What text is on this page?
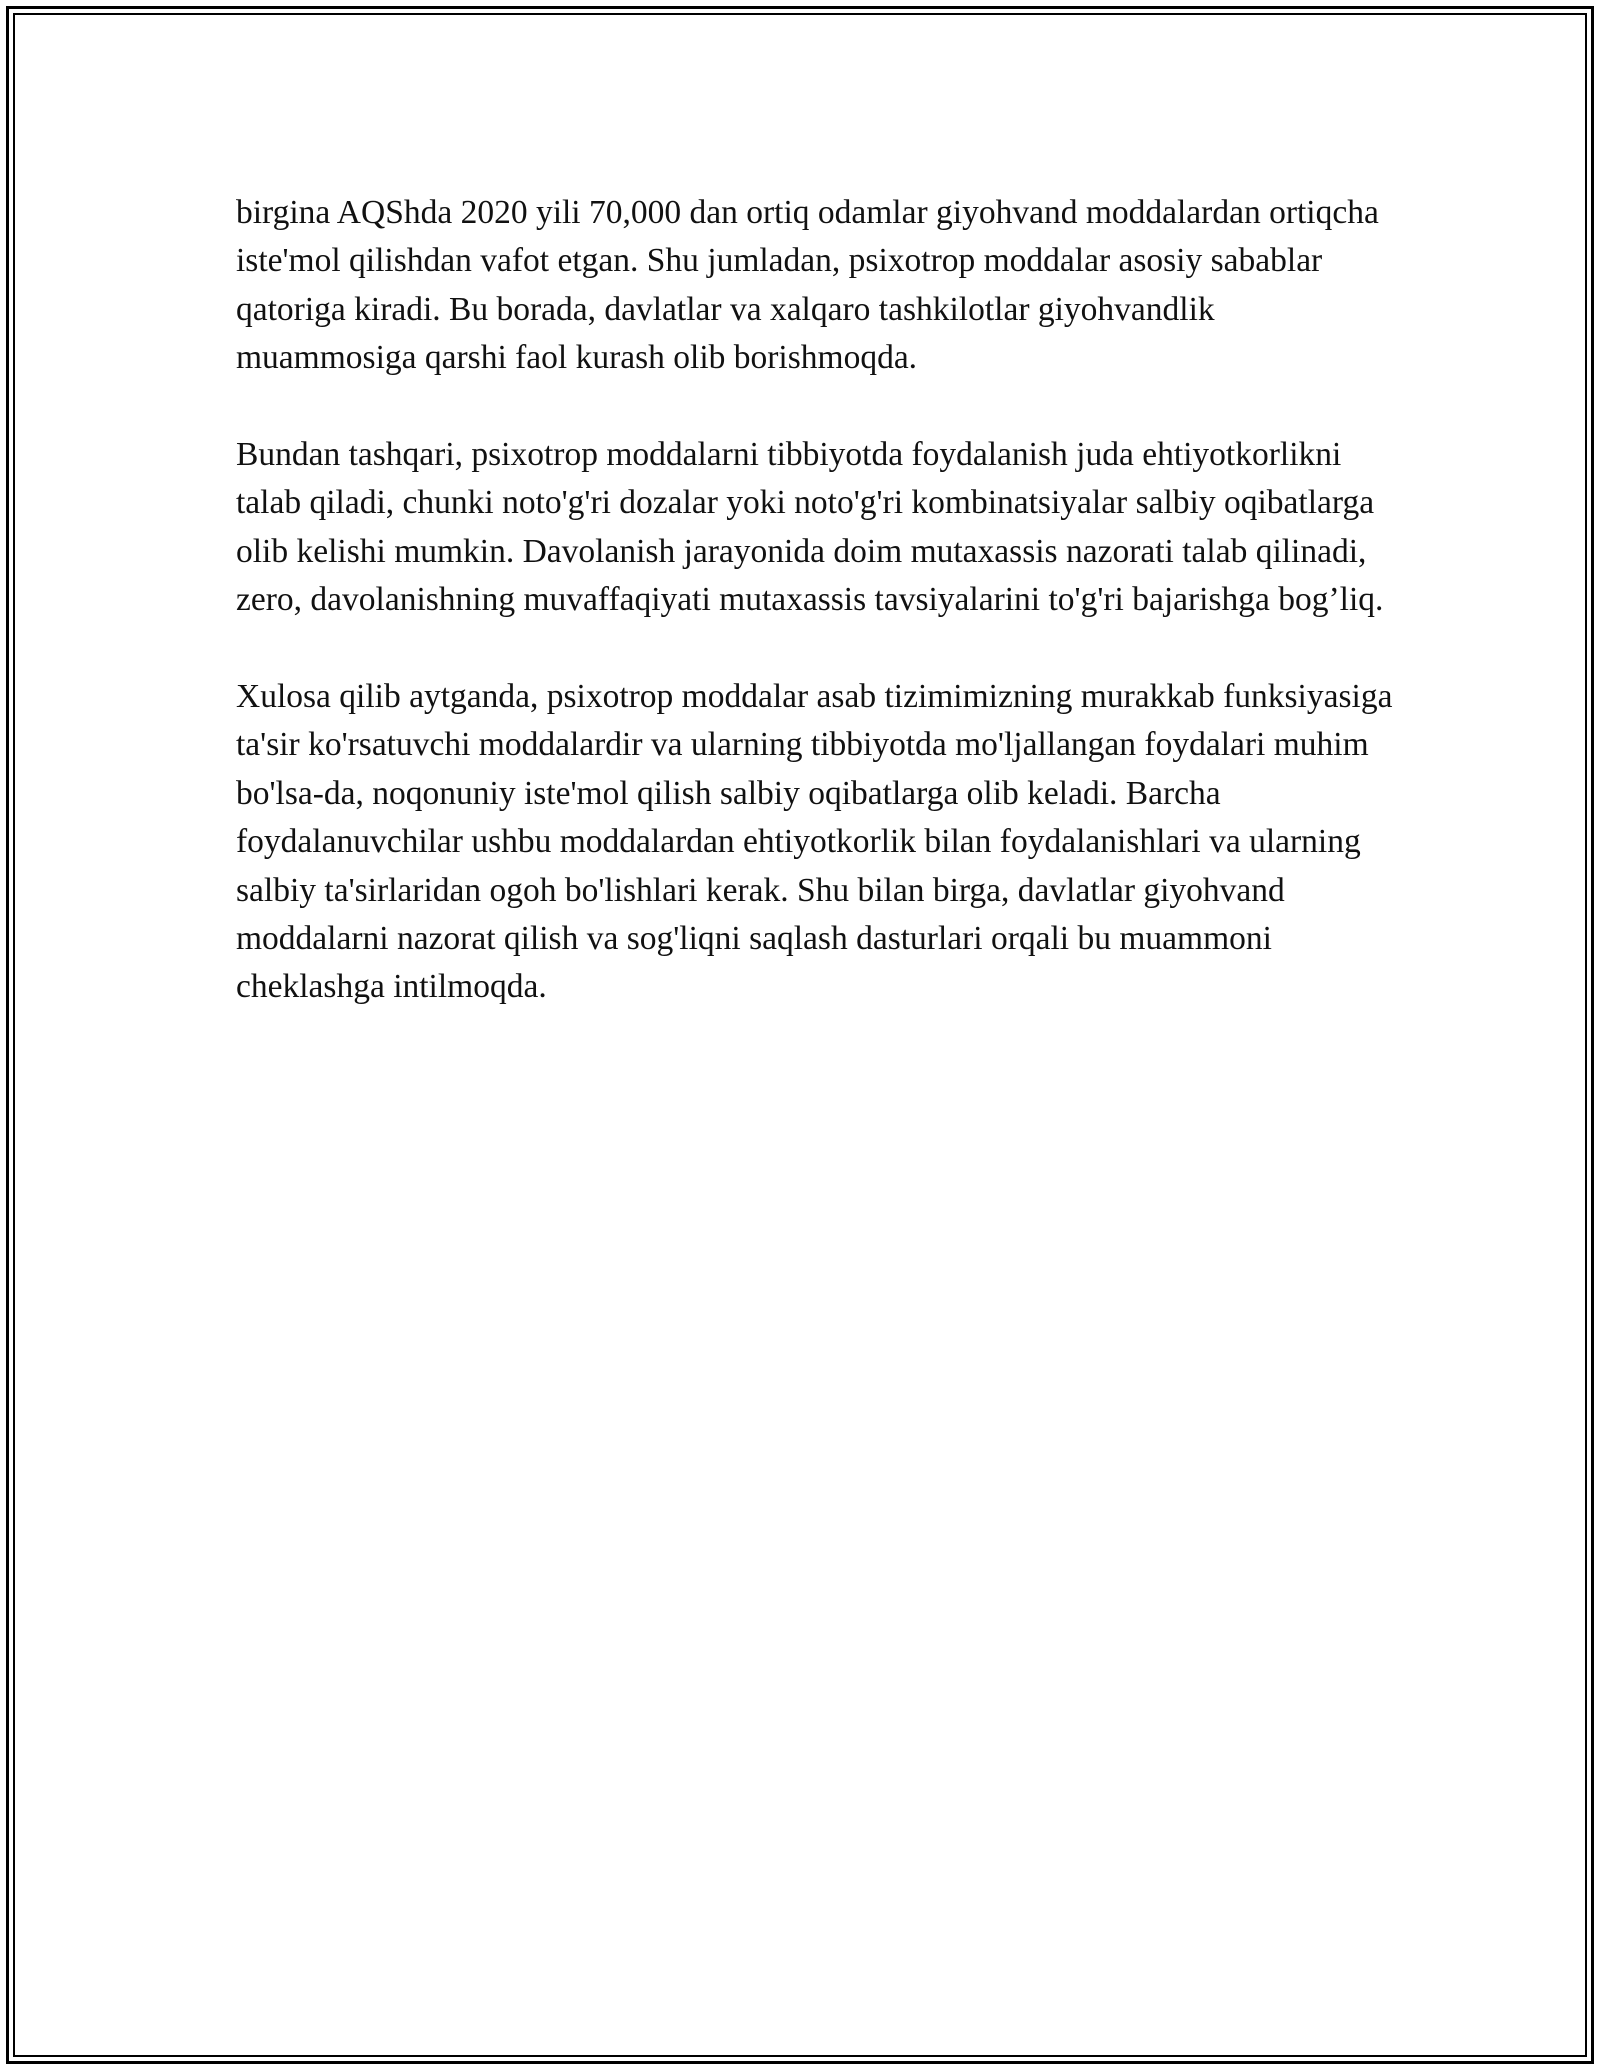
birgina AQShda 2020 yili 70,000 dan ortiq odamlar giyohvand moddalardan ortiqcha iste'mol qilishdan vafot etgan. Shu jumladan, psixotrop moddalar asosiy sabablar qatoriga kiradi. Bu borada, davlatlar va xalqaro tashkilotlar giyohvandlik muammosiga qarshi faol kurash olib borishmoqda.

Bundan tashqari, psixotrop moddalarni tibbiyotda foydalanish juda ehtiyotkorlikni talab qiladi, chunki noto'g'ri dozalar yoki noto'g'ri kombinatsiyalar salbiy oqibatlarga olib kelishi mumkin. Davolanish jarayonida doim mutaxassis nazorati talab qilinadi, zero, davolanishning muvaffaqiyati mutaxassis tavsiyalarini to'g'ri bajarishga bog’liq.

Xulosa qilib aytganda, psixotrop moddalar asab tizimimizning murakkab funksiyasiga ta'sir ko'rsatuvchi moddalardir va ularning tibbiyotda mo'ljallangan foydalari muhim bo'lsa-da, noqonuniy iste'mol qilish salbiy oqibatlarga olib keladi. Barcha foydalanuvchilar ushbu moddalardan ehtiyotkorlik bilan foydalanishlari va ularning salbiy ta'sirlaridan ogoh bo'lishlari kerak. Shu bilan birga, davlatlar giyohvand moddalarni nazorat qilish va sog'liqni saqlash dasturlari orqali bu muammoni cheklashga intilmoqda.
